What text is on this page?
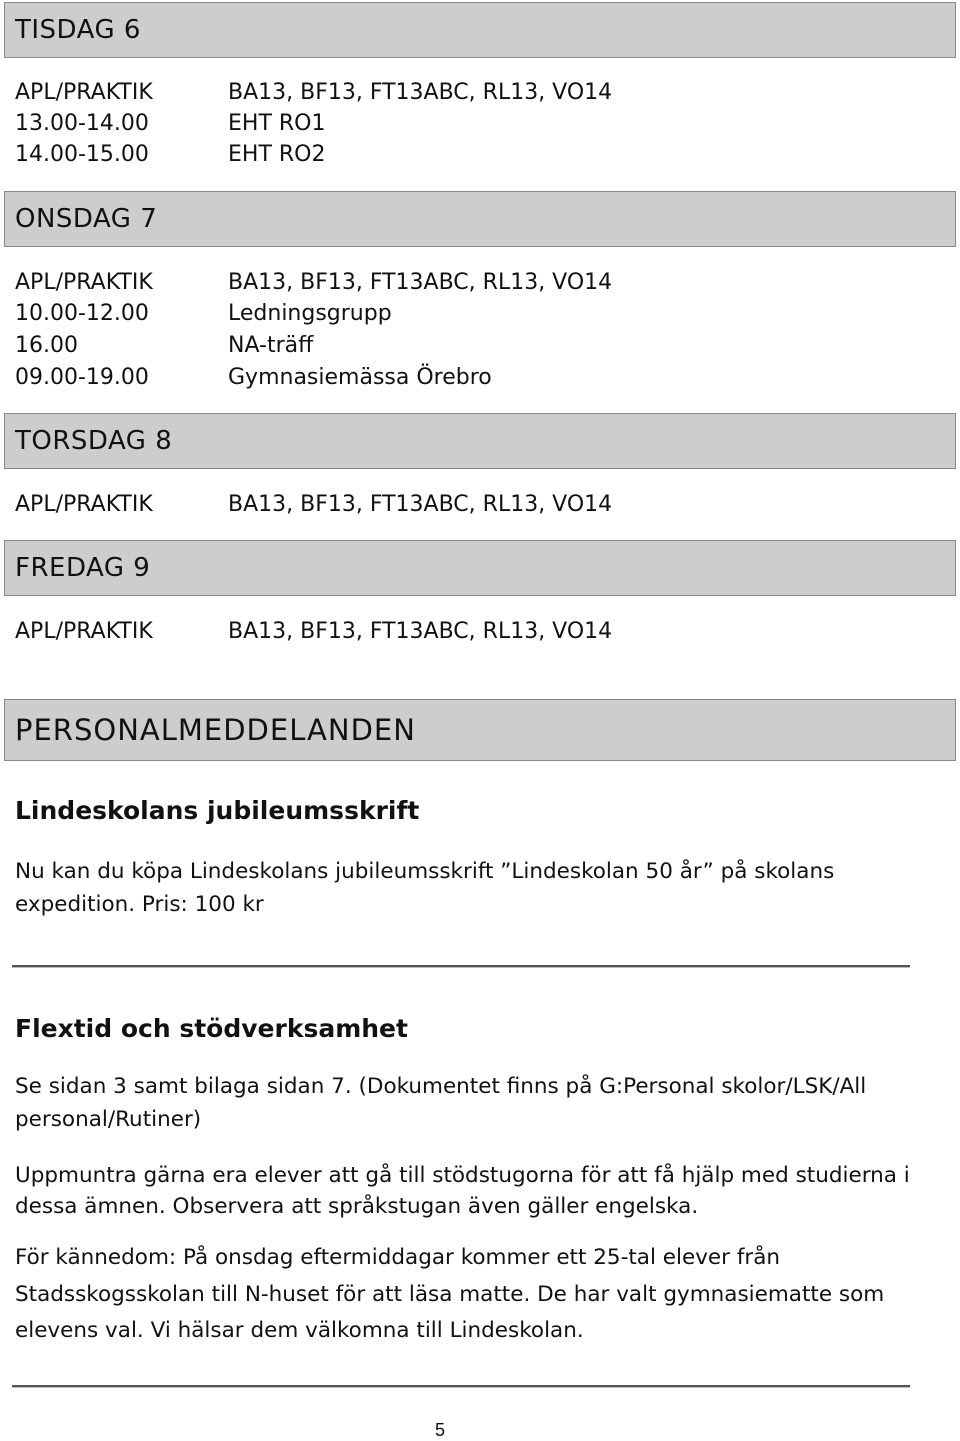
TISDAG 6
APL/PRAKTIK	BA13, BF13, FT13ABC, RL13, VO14
13.00-14.00	EHT RO1
14.00-15.00	EHT RO2
ONSDAG 7
APL/PRAKTIK	BA13, BF13, FT13ABC, RL13, VO14
10.00-12.00	Ledningsgrupp
16.00	NA-träff
09.00-19.00	Gymnasiemässa Örebro
TORSDAG 8
APL/PRAKTIK	BA13, BF13, FT13ABC, RL13, VO14
FREDAG 9
APL/PRAKTIK	BA13, BF13, FT13ABC, RL13, VO14
PERSONALMEDDELANDEN
Lindeskolans jubileumsskrift
Nu kan du köpa Lindeskolans jubileumsskrift ”Lindeskolan 50 år” på skolans expedition. Pris: 100 kr
Flextid och stödverksamhet
Se sidan 3 samt bilaga sidan 7. (Dokumentet finns på G:Personal skolor/LSK/All personal/Rutiner)
Uppmuntra gärna era elever att gå till stödstugorna för att få hjälp med studierna i dessa ämnen. Observera att språkstugan även gäller engelska.
För kännedom: På onsdag eftermiddagar kommer ett 25-tal elever från Stadsskogsskolan till N-huset för att läsa matte. De har valt gymnasiematte som elevens val. Vi hälsar dem välkomna till Lindeskolan.
5
